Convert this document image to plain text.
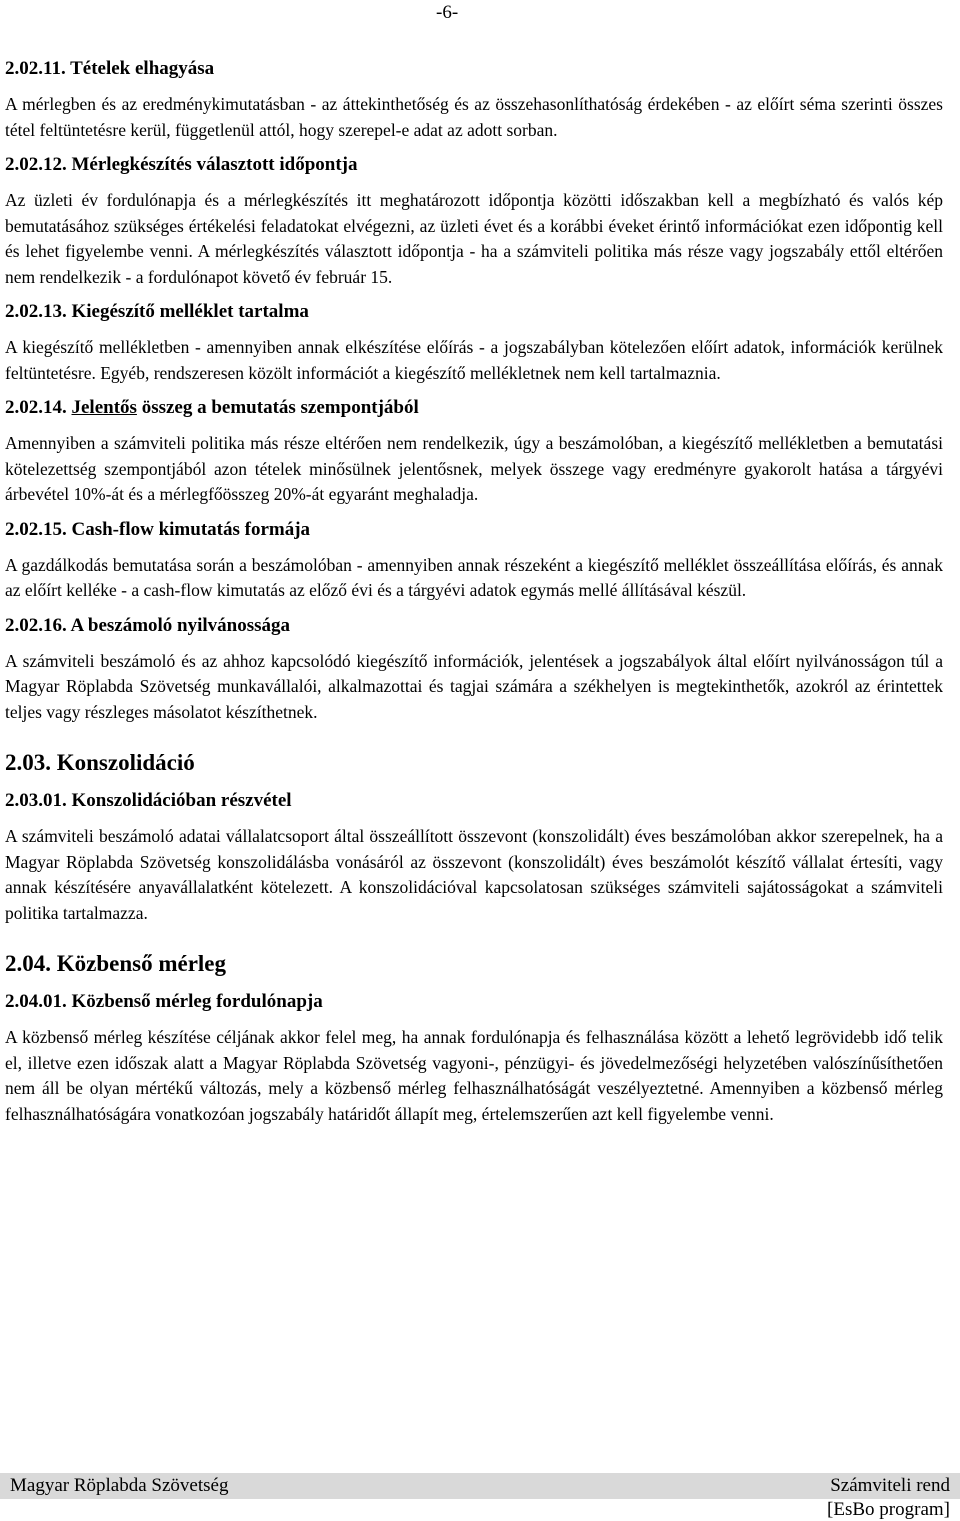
-6-
2.02.11. Tételek elhagyása

A mérlegben és az eredménykimutatásban - az áttekinthetőség és az összehasonlíthatóság érdekében - az előírt séma szerinti összes tétel feltüntetésre kerül, függetlenül attól, hogy szerepel-e adat az adott sorban.

2.02.12. Mérlegkészítés választott időpontja

Az üzleti év fordulónapja és a mérlegkészítés itt meghatározott időpontja közötti időszakban kell a megbízható és valós kép bemutatásához szükséges értékelési feladatokat elvégezni, az üzleti évet és a korábbi éveket érintő információkat ezen időpontig kell és lehet figyelembe venni. A mérlegkészítés választott időpontja - ha a számviteli politika más része vagy jogszabály ettől eltérően nem rendelkezik - a fordulónapot követő év február 15.

2.02.13. Kiegészítő melléklet tartalma

A kiegészítő mellékletben - amennyiben annak elkészítése előírás - a jogszabályban kötelezően előírt adatok, információk kerülnek feltüntetésre. Egyéb, rendszeresen közölt információt a kiegészítő mellékletnek nem kell tartalmaznia.

2.02.14. Jelentős összeg a bemutatás szempontjából

Amennyiben a számviteli politika más része eltérően nem rendelkezik, úgy a beszámolóban, a kiegészítő mellékletben a bemutatási kötelezettség szempontjából azon tételek minősülnek jelentősnek, melyek összege vagy eredményre gyakorolt hatása a tárgyévi árbevétel 10%-át és a mérlegfőösszeg 20%-át egyaránt meghaladja.

2.02.15. Cash-flow kimutatás formája

A gazdálkodás bemutatása során a beszámolóban - amennyiben annak részeként a kiegészítő melléklet összeállítása előírás, és annak az előírt kelléke - a cash-flow kimutatás az előző évi és a tárgyévi adatok egymás mellé állításával készül.

2.02.16. A beszámoló nyilvánossága

A számviteli beszámoló és az ahhoz kapcsolódó kiegészítő információk, jelentések a jogszabályok által előírt nyilvánosságon túl a Magyar Röplabda Szövetség munkavállalói, alkalmazottai és tagjai számára a székhelyen is megtekinthetők, azokról az érintettek teljes vagy részleges másolatot készíthetnek.

2.03. Konszolidáció
2.03.01. Konszolidációban részvétel

A számviteli beszámoló adatai vállalatcsoport által összeállított összevont (konszolidált) éves beszámolóban akkor szerepelnek, ha a Magyar Röplabda Szövetség konszolidálásba vonásáról az összevont (konszolidált) éves beszámolót készítő vállalat értesíti, vagy annak készítésére anyavállalatként kötelezett. A konszolidációval kapcsolatosan szükséges számviteli sajátosságokat a számviteli politika tartalmazza.

2.04. Közbenső mérleg
2.04.01. Közbenső mérleg fordulónapja

A közbenső mérleg készítése céljának akkor felel meg, ha annak fordulónapja és felhasználása között a lehető legrövidebb idő telik el, illetve ezen időszak alatt a Magyar Röplabda Szövetség vagyoni-, pénzügyi- és jövedelmezőségi helyzetében valószínűsíthetően nem áll be olyan mértékű változás, mely a közbenső mérleg felhasználhatóságát veszélyeztetné. Amennyiben a közbenső mérleg felhasználhatóságára vonatkozóan jogszabály határidőt állapít meg, értelemszerűen azt kell figyelembe venni.

Magyar Röplabda Szövetség	Számviteli rend
[EsBo program]
